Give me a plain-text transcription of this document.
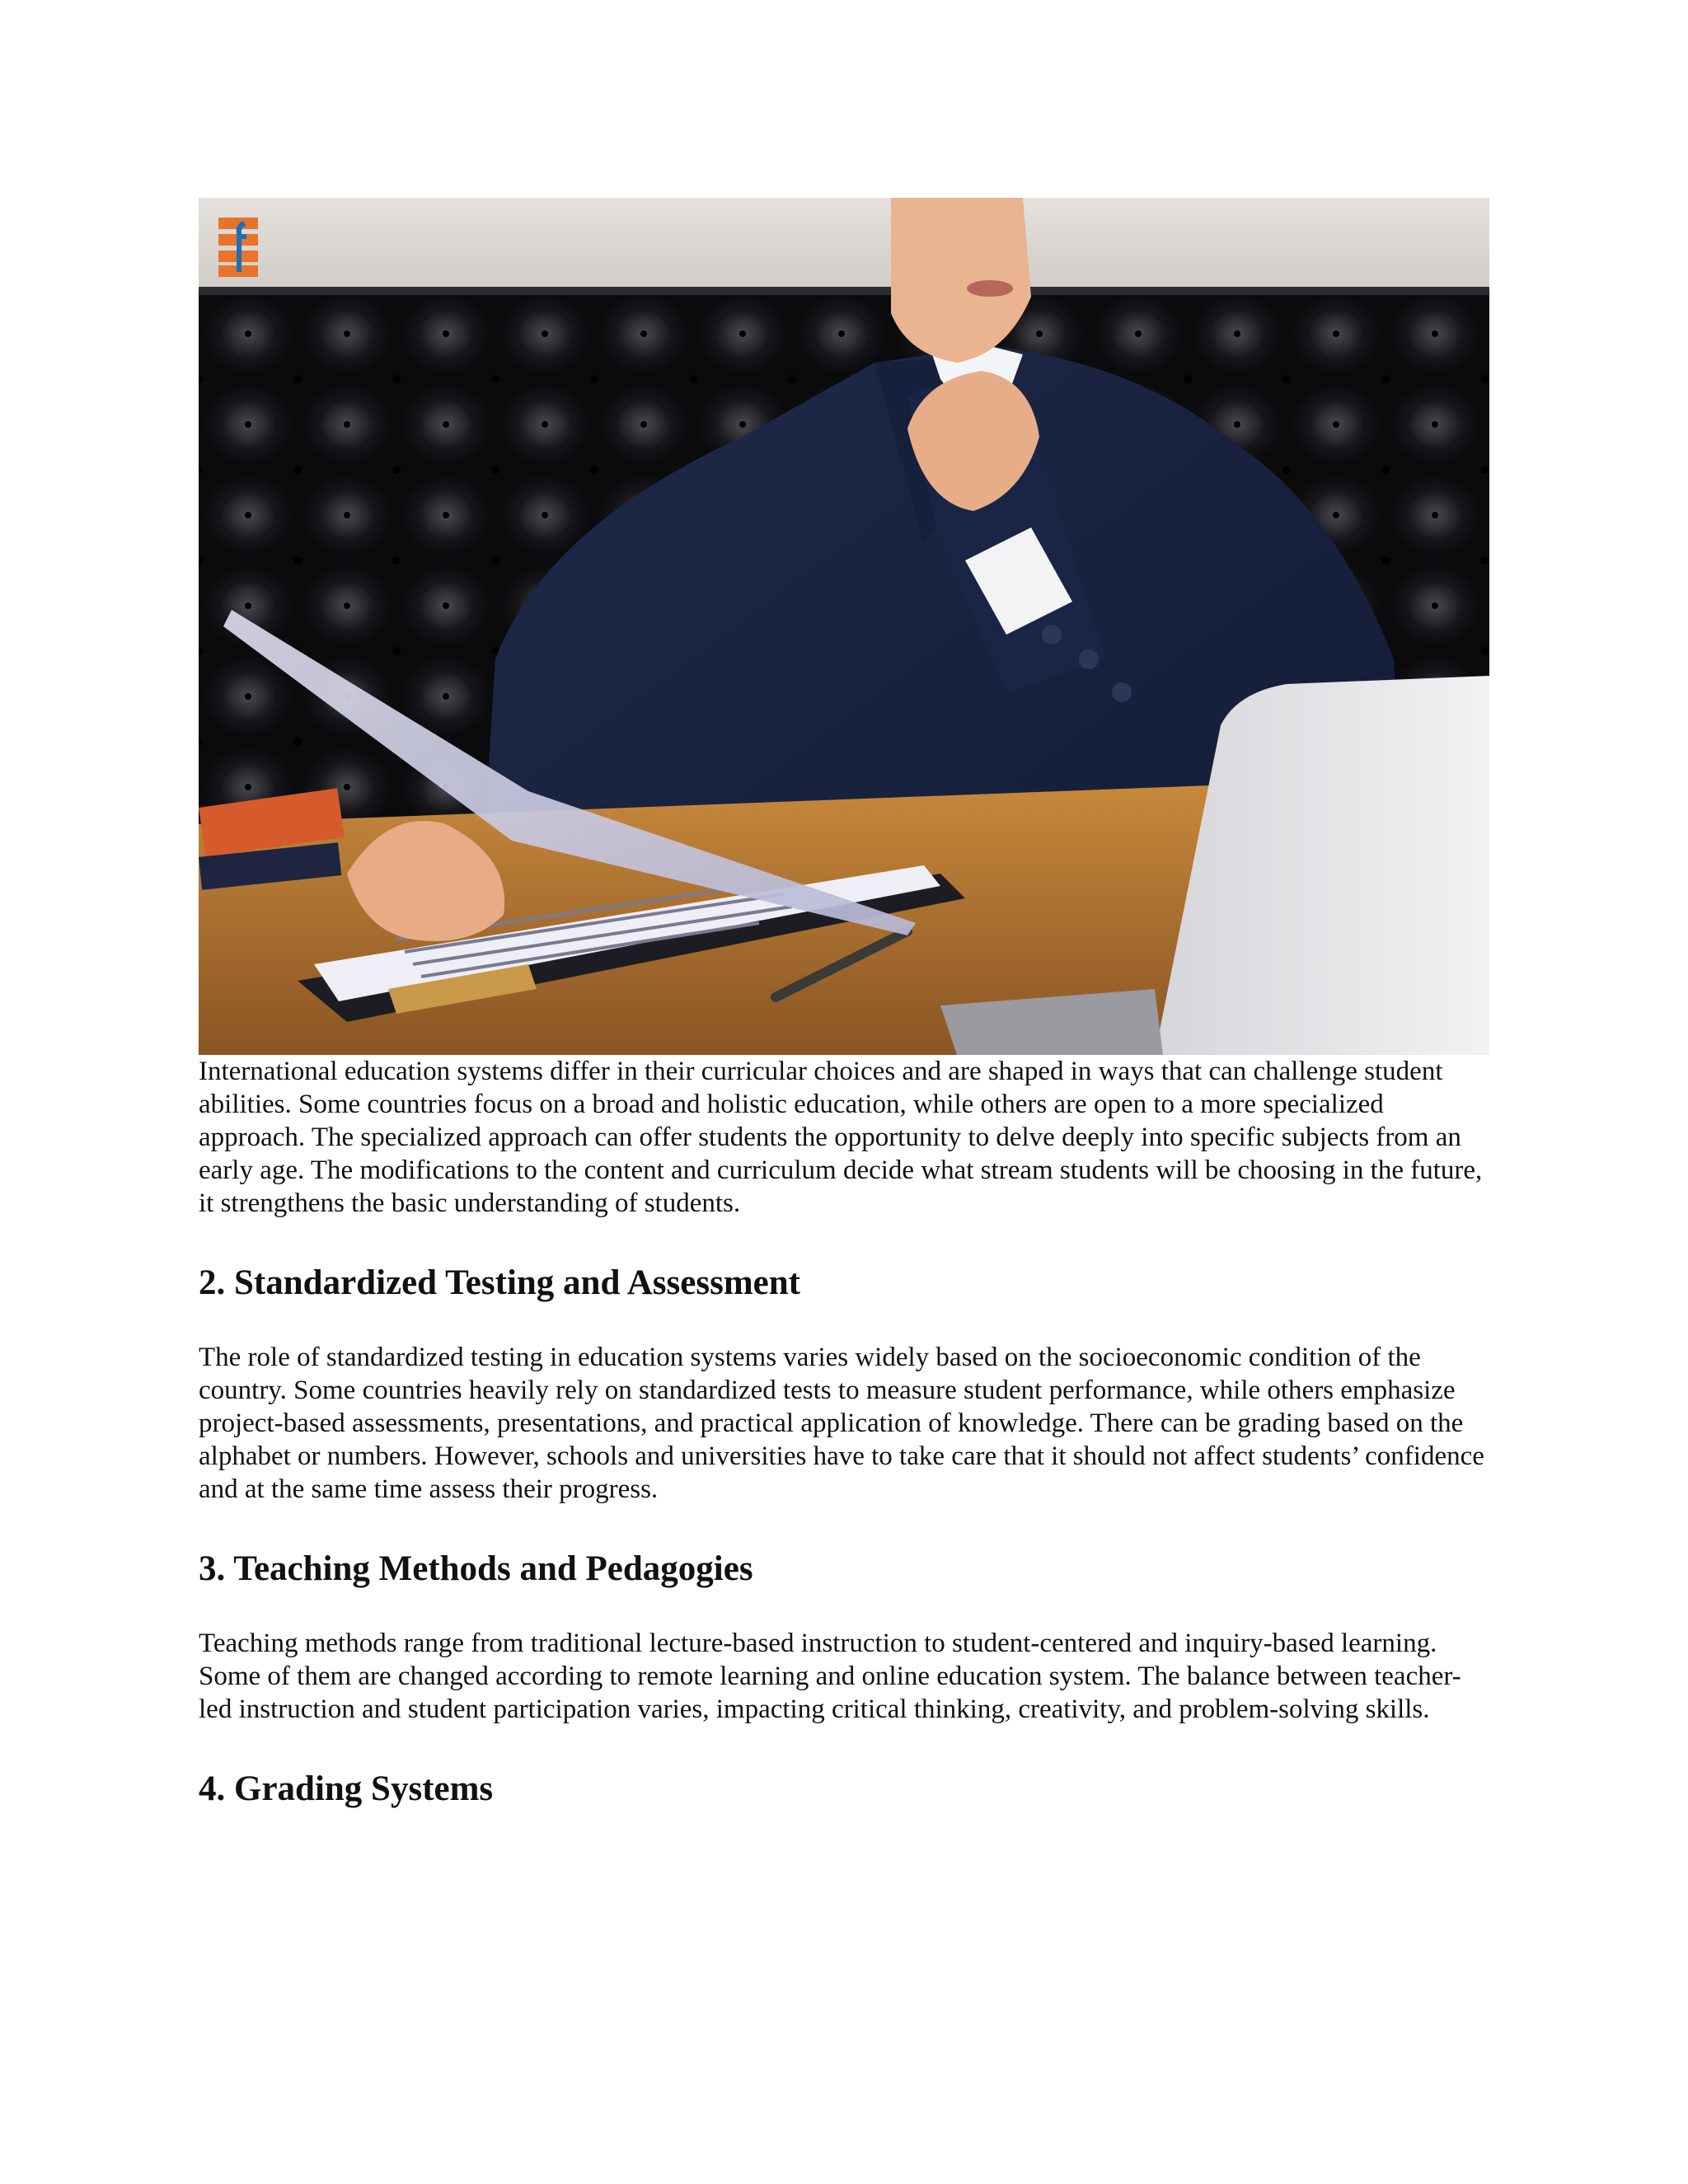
International education systems differ in their curricular choices and are shaped in ways that can challenge student abilities. Some countries focus on a broad and holistic education, while others are open to a more specialized approach. The specialized approach can offer students the opportunity to delve deeply into specific subjects from an early age. The modifications to the content and curriculum decide what stream students will be choosing in the future, it strengthens the basic understanding of students.

2. Standardized Testing and Assessment

The role of standardized testing in education systems varies widely based on the socioeconomic condition of the country. Some countries heavily rely on standardized tests to measure student performance, while others emphasize project-based assessments, presentations, and practical application of knowledge. There can be grading based on the alphabet or numbers. However, schools and universities have to take care that it should not affect students’ confidence and at the same time assess their progress.

3. Teaching Methods and Pedagogies

Teaching methods range from traditional lecture-based instruction to student-centered and inquiry-based learning. Some of them are changed according to remote learning and online education system. The balance between teacher-led instruction and student participation varies, impacting critical thinking, creativity, and problem-solving skills.

4. Grading Systems
